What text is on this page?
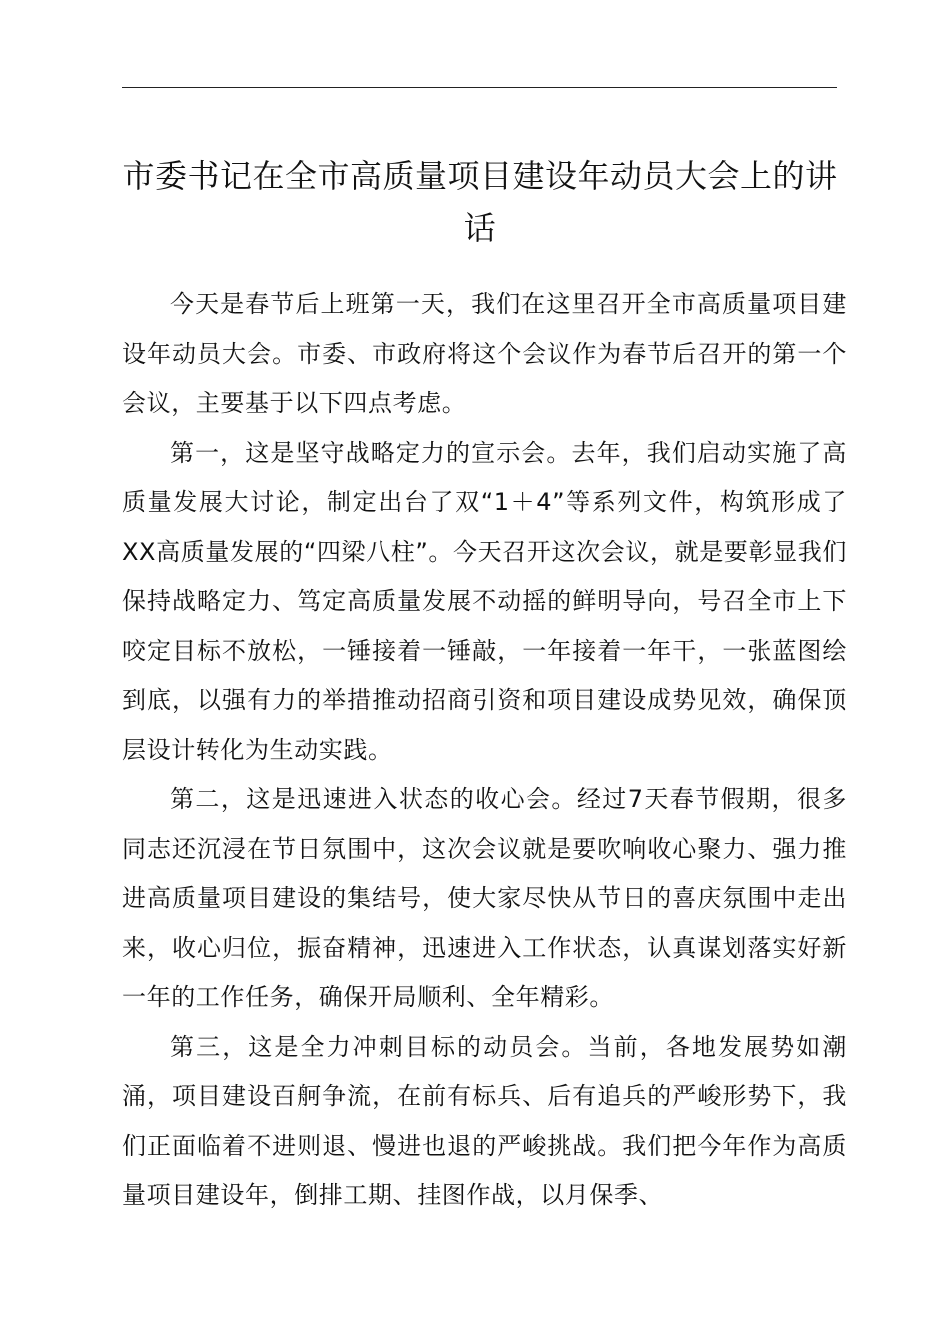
市委书记在全市高质量项目建设年动员大会上的讲话

今天是春节后上班第一天，我们在这里召开全市高质量项目建设年动员大会。市委、市政府将这个会议作为春节后召开的第一个会议，主要基于以下四点考虑。

第一，这是坚守战略定力的宣示会。去年，我们启动实施了高质量发展大讨论，制定出台了双“1＋4”等系列文件，构筑形成了XX高质量发展的“四梁八柱”。今天召开这次会议，就是要彰显我们保持战略定力、笃定高质量发展不动摇的鲜明导向，号召全市上下咬定目标不放松，一锤接着一锤敲，一年接着一年干，一张蓝图绘到底，以强有力的举措推动招商引资和项目建设成势见效，确保顶层设计转化为生动实践。

第二，这是迅速进入状态的收心会。经过7天春节假期，很多同志还沉浸在节日氛围中，这次会议就是要吹响收心聚力、强力推进高质量项目建设的集结号，使大家尽快从节日的喜庆氛围中走出来，收心归位，振奋精神，迅速进入工作状态，认真谋划落实好新一年的工作任务，确保开局顺利、全年精彩。

第三，这是全力冲刺目标的动员会。当前，各地发展势如潮涌，项目建设百舸争流，在前有标兵、后有追兵的严峻形势下，我们正面临着不进则退、慢进也退的严峻挑战。我们把今年作为高质量项目建设年，倒排工期、挂图作战，以月保季、
